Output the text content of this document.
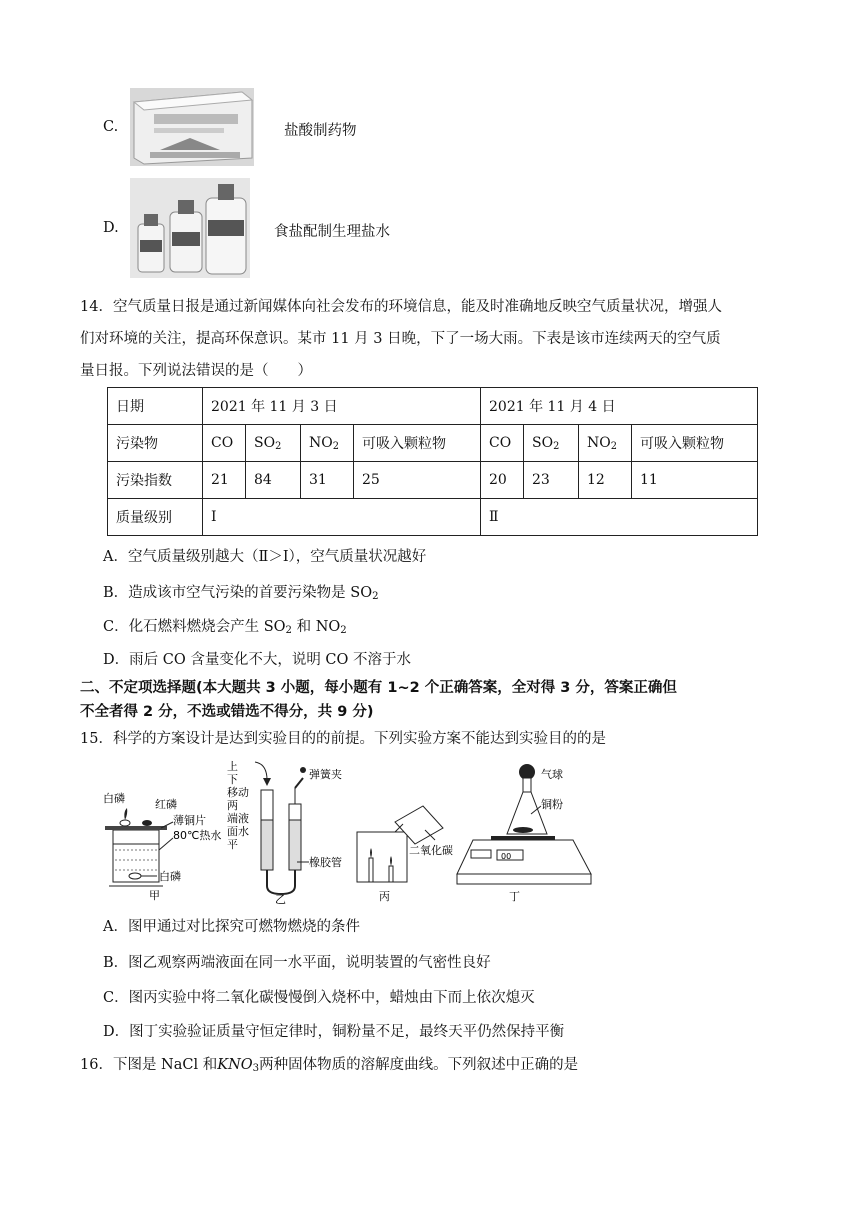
C.	盐酸制药物
D.	食盐配制生理盐水
14．空气质量日报是通过新闻媒体向社会发布的环境信息，能及时准确地反映空气质量状况，增强人
们对环境的关注，提高环保意识。某市 11 月 3 日晚，下了一场大雨。下表是该市连续两天的空气质
量日报。下列说法错误的是（　　）
日期	2021 年 11 月 3 日				2021 年 11 月 4 日			
污染物	CO	$SO_2$	$NO_2$	可吸入颗粒物	CO	$SO_2$	$NO_2$	可吸入颗粒物
污染指数	21	84	31	25	20	23	12	11
质量级别	Ⅰ				Ⅱ			
A．空气质量级别越大（Ⅱ＞Ⅰ），空气质量状况越好
B．造成该市空气污染的首要污染物是 $SO_2$
C．化石燃料燃烧会产生 $SO_2$ 和 $NO_2$
D．雨后 CO 含量变化不大，说明 CO 不溶于水
二、不定项选择题(本大题共 3 小题，每小题有 1~2 个正确答案，全对得 3 分，答案正确但
不全者得 2 分，不选或错选不得分，共 9 分)
15．科学的方案设计是达到实验目的的前提。下列实验方案不能达到实验目的的是
白磷	红磷
薄铜片
80℃热水
白磷
甲
上
下
移动
两
端液
面水
平
弹簧夹
橡胶管
乙
二氧化碳
丙
气球
铜粉
00
丁
A．图甲通过对比探究可燃物燃烧的条件
B．图乙观察两端液面在同一水平面，说明装置的气密性良好
C．图丙实验中将二氧化碳慢慢倒入烧杯中，蜡烛由下而上依次熄灭
D．图丁实验验证质量守恒定律时，铜粉量不足，最终天平仍然保持平衡
16．下图是 NaCl 和$KNO_3$两种固体物质的溶解度曲线。下列叙述中正确的是
